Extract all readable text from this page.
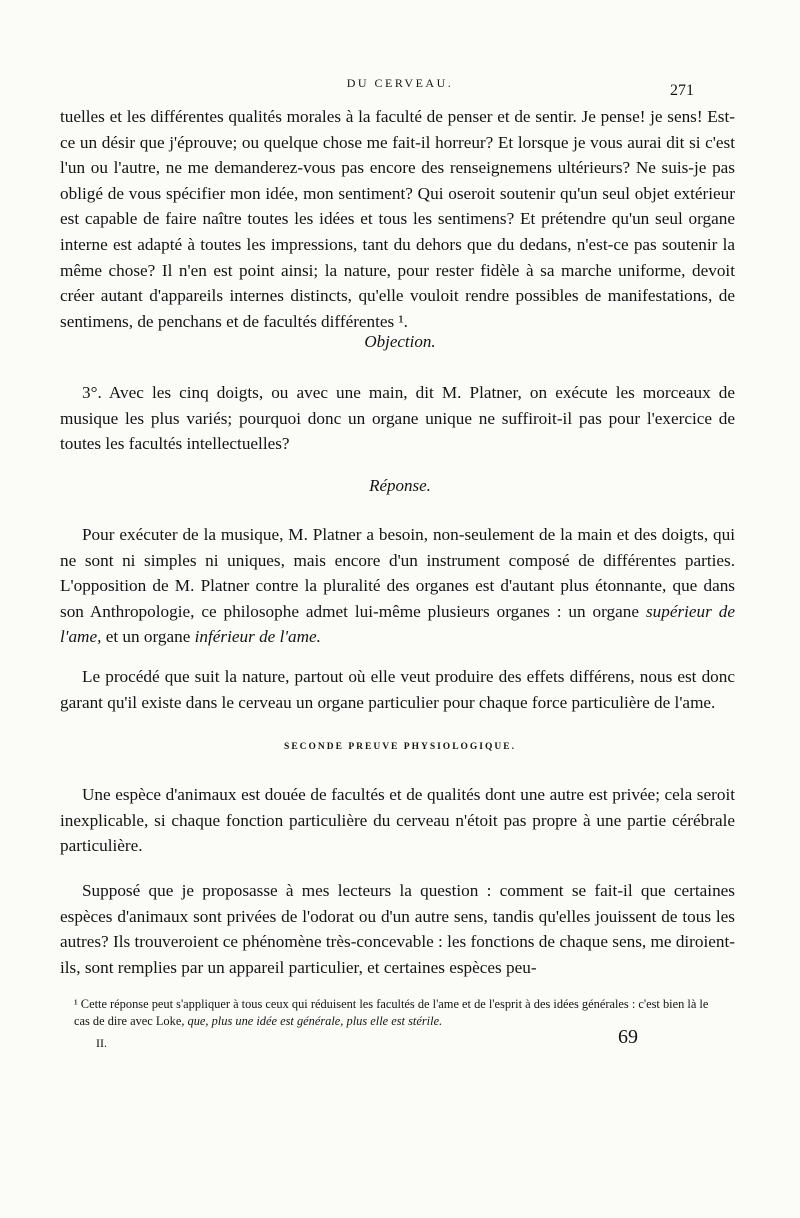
DU CERVEAU.	271

tuelles et les différentes qualités morales à la faculté de penser et de sentir. Je pense! je sens! Est-ce un désir que j'éprouve; ou quelque chose me fait-il horreur? Et lorsque je vous aurai dit si c'est l'un ou l'autre, ne me demanderez-vous pas encore des renseignemens ultérieurs? Ne suis-je pas obligé de vous spécifier mon idée, mon sentiment? Qui oseroit soutenir qu'un seul objet extérieur est capable de faire naître toutes les idées et tous les sentimens? Et prétendre qu'un seul organe interne est adapté à toutes les impressions, tant du dehors que du dedans, n'est-ce pas soutenir la même chose? Il n'en est point ainsi; la nature, pour rester fidèle à sa marche uniforme, devoit créer autant d'appareils internes distincts, qu'elle vouloit rendre possibles de manifestations, de sentimens, de penchans et de facultés différentes ¹.

Objection.

3°. Avec les cinq doigts, ou avec une main, dit M. Platner, on exécute les morceaux de musique les plus variés; pourquoi donc un organe unique ne suffiroit-il pas pour l'exercice de toutes les facultés intellectuelles?

Réponse.

Pour exécuter de la musique, M. Platner a besoin, non-seulement de la main et des doigts, qui ne sont ni simples ni uniques, mais encore d'un instrument composé de différentes parties. L'opposition de M. Platner contre la pluralité des organes est d'autant plus étonnante, que dans son Anthropologie, ce philosophe admet lui-même plusieurs organes : un organe supérieur de l'ame, et un organe inférieur de l'ame.

Le procédé que suit la nature, partout où elle veut produire des effets différens, nous est donc garant qu'il existe dans le cerveau un organe particulier pour chaque force particulière de l'ame.

SECONDE PREUVE PHYSIOLOGIQUE.

Une espèce d'animaux est douée de facultés et de qualités dont une autre est privée; cela seroit inexplicable, si chaque fonction particulière du cerveau n'étoit pas propre à une partie cérébrale particulière.

Supposé que je proposasse à mes lecteurs la question : comment se fait-il que certaines espèces d'animaux sont privées de l'odorat ou d'un autre sens, tandis qu'elles jouissent de tous les autres? Ils trouveroient ce phénomène très-concevable : les fonctions de chaque sens, me diroient-ils, sont remplies par un appareil particulier, et certaines espèces peu-

¹ Cette réponse peut s'appliquer à tous ceux qui réduisent les facultés de l'ame et de l'esprit à des idées générales : c'est bien là le cas de dire avec Loke, que, plus une idée est générale, plus elle est stérile.

II.	69
